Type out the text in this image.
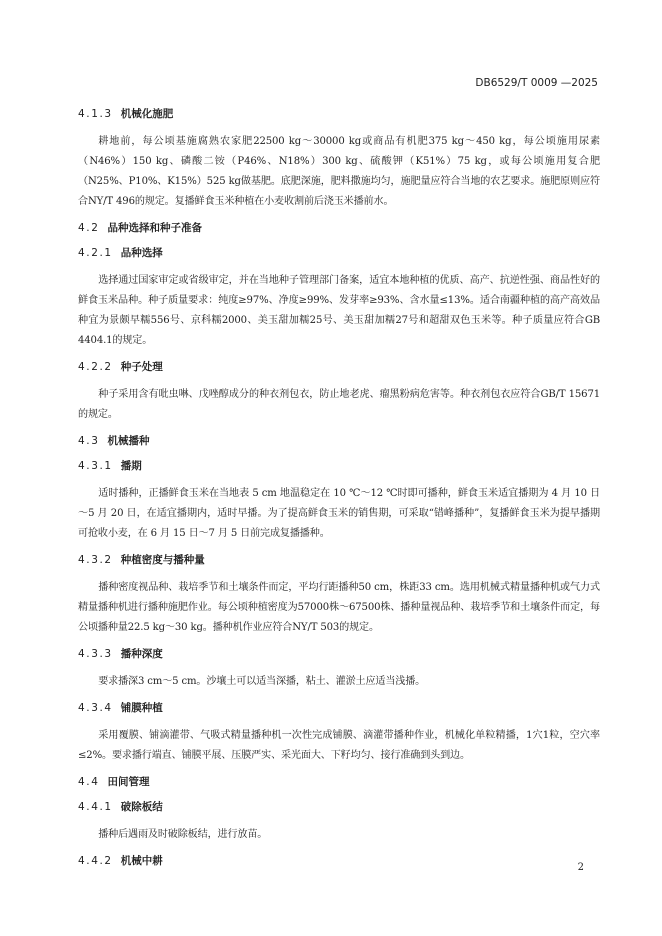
DB6529/T 0009 —2025
4.1.3 机械化施肥

耕地前，每公顷基施腐熟农家肥22500 kg～30000 kg或商品有机肥375 kg～450 kg，每公顷施用尿素（N46%）150 kg、磷酸二铵（P46%、N18%）300 kg、硫酸钾（K51%）75 kg，或每公顷施用复合肥（N25%、P10%、K15%）525 kg做基肥。底肥深施，肥料撒施均匀，施肥量应符合当地的农艺要求。施肥原则应符合NY/T 496的规定。复播鲜食玉米种植在小麦收割前后浇玉米播前水。

4.2 品种选择和种子准备
4.2.1 品种选择

选择通过国家审定或省级审定，并在当地种子管理部门备案，适宜本地种植的优质、高产、抗逆性强、商品性好的鲜食玉米品种。种子质量要求：纯度≥97%、净度≥99%、发芽率≥93%、含水量≤13%。适合南疆种植的高产高效品种宜为景颇早糯556号、京科糯2000、美玉甜加糯25号、美玉甜加糯27号和超甜双色玉米等。种子质量应符合GB 4404.1的规定。

4.2.2 种子处理

种子采用含有吡虫啉、戊唑醇成分的种衣剂包衣，防止地老虎、瘤黑粉病危害等。种衣剂包衣应符合GB/T 15671的规定。

4.3 机械播种
4.3.1 播期

适时播种，正播鲜食玉米在当地表 5 cm 地温稳定在 10 ℃～12 ℃时即可播种，鲜食玉米适宜播期为 4 月 10 日～5 月 20 日，在适宜播期内，适时早播。为了提高鲜食玉米的销售期，可采取“错峰播种”，复播鲜食玉米为提早播期可抢收小麦，在 6 月 15 日～7 月 5 日前完成复播播种。

4.3.2 种植密度与播种量

播种密度视品种、栽培季节和土壤条件而定，平均行距播种50 cm，株距33 cm。选用机械式精量播种机或气力式精量播种机进行播种施肥作业。每公顷种植密度为57000株～67500株、播种量视品种、栽培季节和土壤条件而定，每公顷播种量22.5 kg～30 kg。播种机作业应符合NY/T 503的规定。

4.3.3 播种深度

要求播深3 cm～5 cm。沙壤土可以适当深播，粘土、灌淤土应适当浅播。

4.3.4 铺膜种植

采用覆膜、铺滴灌带、气吸式精量播种机一次性完成铺膜、滴灌带播种作业，机械化单粒精播，1穴1粒，空穴率≤2%。要求播行端直、铺膜平展、压膜严实、采光面大、下籽均匀、接行准确到头到边。

4.4 田间管理
4.4.1 破除板结

播种后遇雨及时破除板结，进行放苗。

4.4.2 机械中耕
2
